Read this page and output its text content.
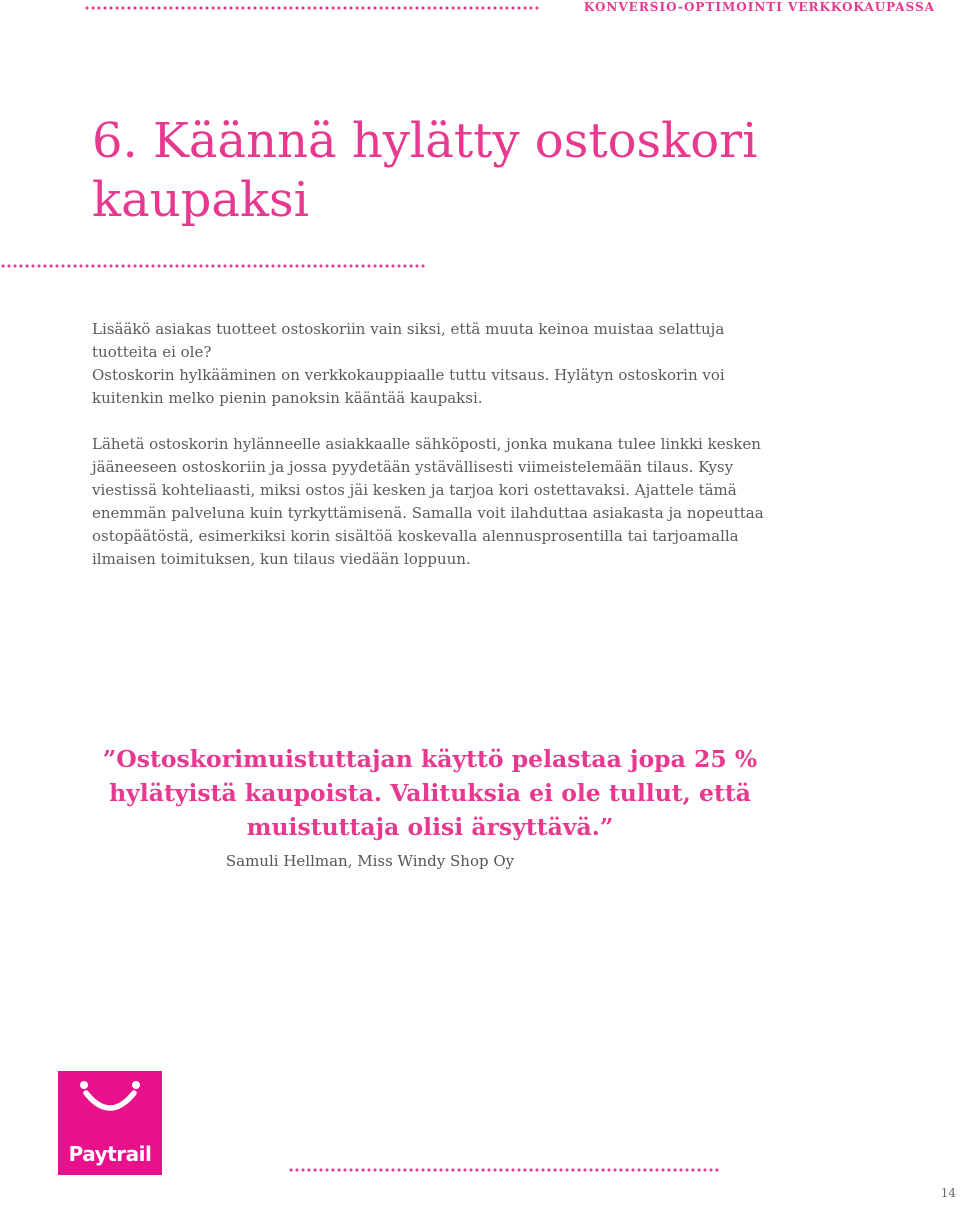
KONVERSIO-OPTIMOINTI VERKKOKAUPASSA
6. Käännä hylätty ostoskori
kaupaksi

Lisääkö asiakas tuotteet ostoskoriin vain siksi, että muuta keinoa muistaa selattuja tuotteita ei ole?

Ostoskorin hylkääminen on verkkokauppiaalle tuttu vitsaus. Hylätyn ostoskorin voi kuitenkin melko pienin panoksin kääntää kaupaksi.

Lähetä ostoskorin hylänneelle asiakkaalle sähköposti, jonka mukana tulee linkki kesken jääneeseen ostoskoriin ja jossa pyydetään ystävällisesti viimeistelemään tilaus. Kysy viestissä kohteliaasti, miksi ostos jäi kesken ja tarjoa kori ostettavaksi. Ajattele tämä enemmän palveluna kuin tyrkyttämisenä. Samalla voit ilahduttaa asiakasta ja nopeuttaa ostopäätöstä, esimerkiksi korin sisältöä koskevalla alennusprosentilla tai tarjoamalla ilmaisen toimituksen, kun tilaus viedään loppuun.

”Ostoskorimuistuttajan käyttö pelastaa jopa 25 %
hylätyistä kaupoista. Valituksia ei ole tullut, että
muistuttaja olisi ärsyttävä.”
Samuli Hellman, Miss Windy Shop Oy
Paytrail
14
